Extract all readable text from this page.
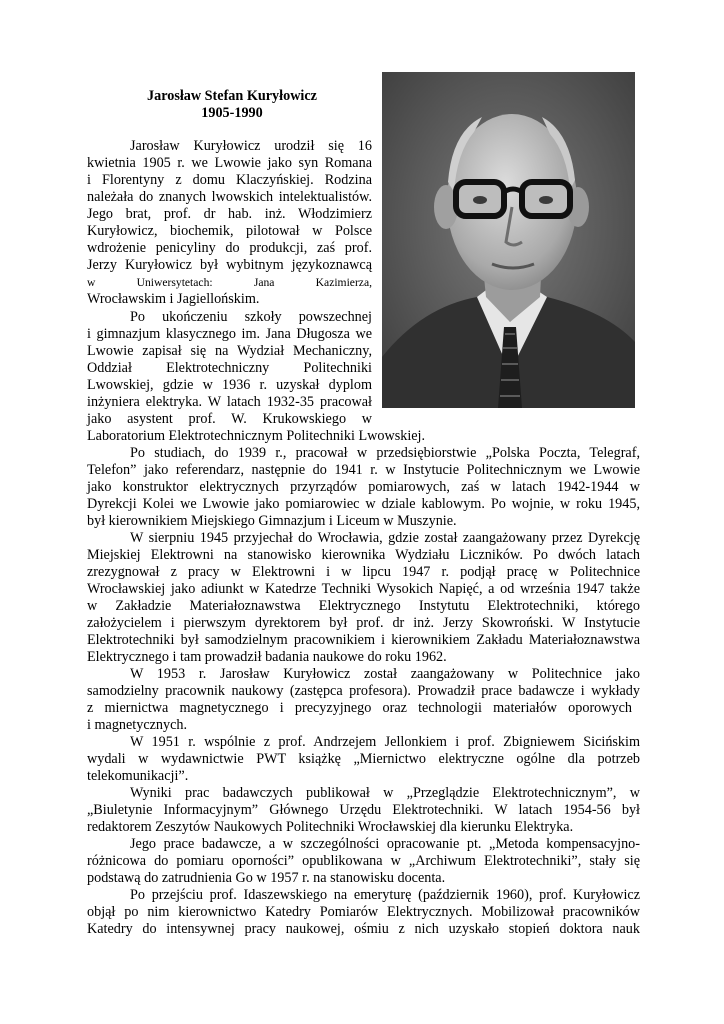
Jarosław Stefan Kuryłowicz
1905-1990
Jarosław Kuryłowicz urodził się 16
kwietnia 1905 r. we Lwowie jako syn Romana
i Florentyny z domu Klaczyńskiej. Rodzina
należała do znanych lwowskich intelektualistów.
Jego brat, prof. dr hab. inż. Włodzimierz
Kuryłowicz, biochemik, pilotował w Polsce
wdrożenie penicyliny do produkcji, zaś prof.
Jerzy Kuryłowicz był wybitnym językoznawcą
w Uniwersytetach: Jana Kazimierza,
Wrocławskim i Jagiellońskim.
Po ukończeniu szkoły powszechnej
i gimnazjum klasycznego im. Jana Długosza we
Lwowie zapisał się na Wydział Mechaniczny,
Oddział Elektrotechniczny Politechniki
Lwowskiej, gdzie w 1936 r. uzyskał dyplom
inżyniera elektryka. W latach 1932-35 pracował
jako asystent prof. W. Krukowskiego w
Laboratorium Elektrotechnicznym Politechniki Lwowskiej.
Po studiach, do 1939 r., pracował w przedsiębiorstwie „Polska Poczta, Telegraf,
Telefon” jako referendarz, następnie do 1941 r. w Instytucie Politechnicznym we Lwowie
jako konstruktor elektrycznych przyrządów pomiarowych, zaś w latach 1942-1944 w
Dyrekcji Kolei we Lwowie jako pomiarowiec w dziale kablowym. Po wojnie, w roku 1945,
był kierownikiem Miejskiego Gimnazjum i Liceum w Muszynie.
W sierpniu 1945 przyjechał do Wrocławia, gdzie został zaangażowany przez Dyrekcję
Miejskiej Elektrowni na stanowisko kierownika Wydziału Liczników. Po dwóch latach
zrezygnował z pracy w Elektrowni i w lipcu 1947 r. podjął pracę w Politechnice
Wrocławskiej jako adiunkt w Katedrze Techniki Wysokich Napięć, a od września 1947 także
w Zakładzie Materiałoznawstwa Elektrycznego Instytutu Elektrotechniki, którego
założycielem i pierwszym dyrektorem był prof. dr inż. Jerzy Skowroński. W Instytucie
Elektrotechniki był samodzielnym pracownikiem i kierownikiem Zakładu Materiałoznawstwa
Elektrycznego i tam prowadził badania naukowe do roku 1962.
W 1953 r. Jarosław Kuryłowicz został zaangażowany w Politechnice jako
samodzielny pracownik naukowy (zastępca profesora). Prowadził prace badawcze i wykłady
z miernictwa magnetycznego i precyzyjnego oraz technologii materiałów oporowych
i magnetycznych.
W 1951 r. wspólnie z prof. Andrzejem Jellonkiem i prof. Zbigniewem Sicińskim
wydali w wydawnictwie PWT książkę „Miernictwo elektryczne ogólne dla potrzeb
telekomunikacji”.
Wyniki prac badawczych publikował w „Przeglądzie Elektrotechnicznym”, w
„Biuletynie Informacyjnym” Głównego Urzędu Elektrotechniki. W latach 1954-56 był
redaktorem Zeszytów Naukowych Politechniki Wrocławskiej dla kierunku Elektryka.
Jego prace badawcze, a w szczególności opracowanie pt. „Metoda kompensacyjno-
różnicowa do pomiaru oporności” opublikowana w „Archiwum Elektrotechniki”, stały się
podstawą do zatrudnienia Go w 1957 r. na stanowisku docenta.
Po przejściu prof. Idaszewskiego na emeryturę (październik 1960), prof. Kuryłowicz
objął po nim kierownictwo Katedry Pomiarów Elektrycznych. Mobilizował pracowników
Katedry do intensywnej pracy naukowej, ośmiu z nich uzyskało stopień doktora nauk
